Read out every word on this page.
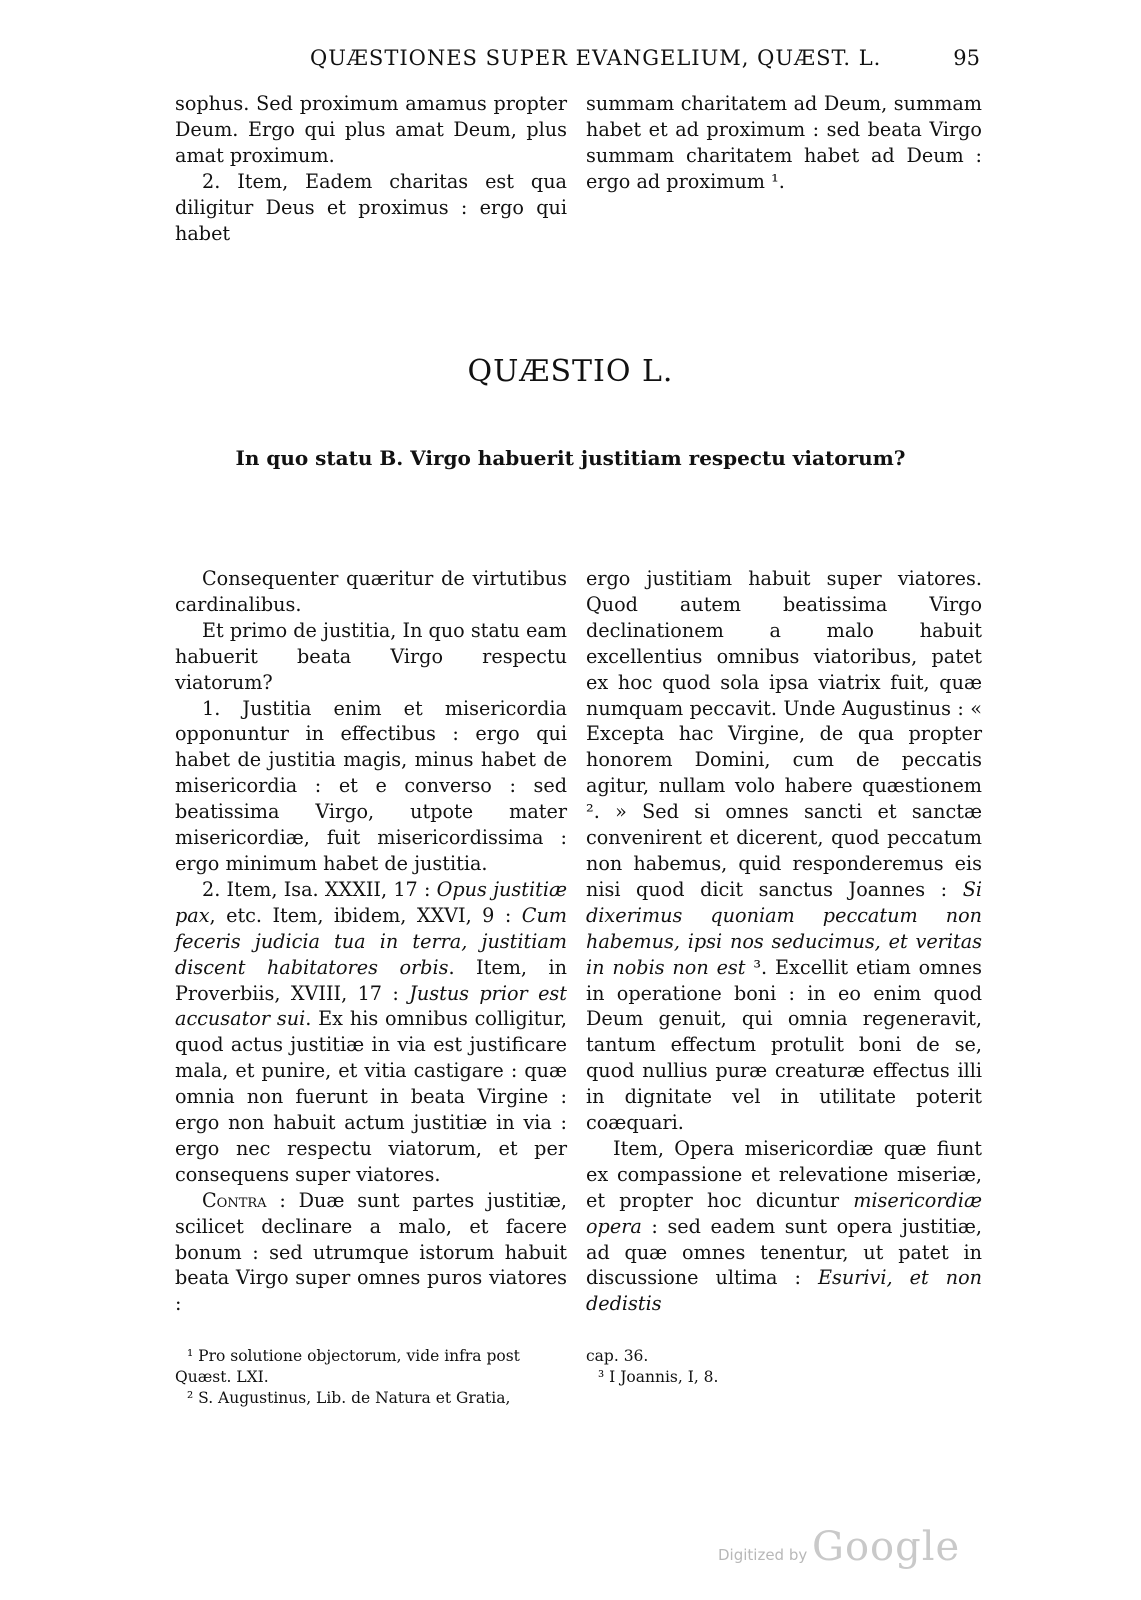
QUÆSTIONES SUPER EVANGELIUM, QUÆST. L.	95

sophus. Sed proximum amamus propter Deum. Ergo qui plus amat Deum, plus amat proximum.

2. Item, Eadem charitas est qua diligitur Deus et proximus : ergo qui habet

summam charitatem ad Deum, summam habet et ad proximum : sed beata Virgo summam charitatem habet ad Deum : ergo ad proximum ¹.

QUÆSTIO L.
In quo statu B. Virgo habuerit justitiam respectu viatorum?

Consequenter quæritur de virtutibus cardinalibus.

Et primo de justitia, In quo statu eam habuerit beata Virgo respectu viatorum?

1. Justitia enim et misericordia opponuntur in effectibus : ergo qui habet de justitia magis, minus habet de misericordia : et e converso : sed beatissima Virgo, utpote mater misericordiæ, fuit misericordissima : ergo minimum habet de justitia.

2. Item, Isa. XXXII, 17 : Opus justitiæ pax, etc. Item, ibidem, XXVI, 9 : Cum feceris judicia tua in terra, justitiam discent habitatores orbis. Item, in Proverbiis, XVIII, 17 : Justus prior est accusator sui. Ex his omnibus colligitur, quod actus justitiæ in via est justificare mala, et punire, et vitia castigare : quæ omnia non fuerunt in beata Virgine : ergo non habuit actum justitiæ in via : ergo nec respectu viatorum, et per consequens super viatores.

Contra : Duæ sunt partes justitiæ, scilicet declinare a malo, et facere bonum : sed utrumque istorum habuit beata Virgo super omnes puros viatores :

ergo justitiam habuit super viatores. Quod autem beatissima Virgo declinationem a malo habuit excellentius omnibus viatoribus, patet ex hoc quod sola ipsa viatrix fuit, quæ numquam peccavit. Unde Augustinus : « Excepta hac Virgine, de qua propter honorem Domini, cum de peccatis agitur, nullam volo habere quæstionem ². » Sed si omnes sancti et sanctæ convenirent et dicerent, quod peccatum non habemus, quid responderemus eis nisi quod dicit sanctus Joannes : Si dixerimus quoniam peccatum non habemus, ipsi nos seducimus, et veritas in nobis non est ³. Excellit etiam omnes in operatione boni : in eo enim quod Deum genuit, qui omnia regeneravit, tantum effectum protulit boni de se, quod nullius puræ creaturæ effectus illi in dignitate vel in utilitate poterit coæquari.

Item, Opera misericordiæ quæ fiunt ex compassione et relevatione miseriæ, et propter hoc dicuntur misericordiæ opera : sed eadem sunt opera justitiæ, ad quæ omnes tenentur, ut patet in discussione ultima : Esurivi, et non dedistis

¹ Pro solutione objectorum, vide infra post Quæst. LXI.

² S. Augustinus, Lib. de Natura et Gratia,

cap. 36.

³ I Joannis, I, 8.

Digitized by Google
